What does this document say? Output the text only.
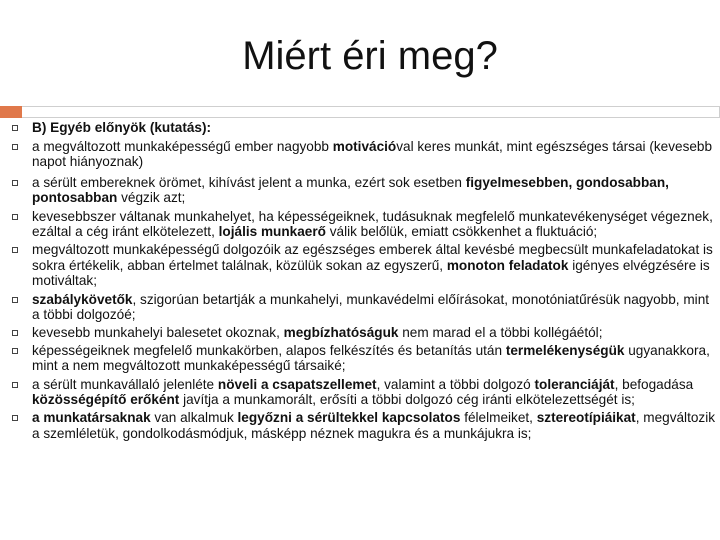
Miért éri meg?
B) Egyéb előnyök (kutatás):
a megváltozott munkaképességű ember nagyobb motivációval keres munkát, mint egészséges társai (kevesebb napot hiányoznak)
a sérült embereknek örömet, kihívást jelent a munka, ezért sok esetben figyelmesebben, gondosabban, pontosabban végzik azt;
kevesebbszer váltanak munkahelyet, ha képességeiknek, tudásuknak megfelelő munkatevékenységet végeznek, ezáltal a cég iránt elkötelezett, lojális munkaerő válik belőlük, emiatt csökkenhet a fluktuáció;
megváltozott munkaképességű dolgozóik az egészséges emberek által kevésbé megbecsült munkafeladatokat is sokra értékelik, abban értelmet találnak, közülük sokan az egyszerű, monoton feladatok igényes elvégzésére is motiváltak;
szabálykövetők, szigorúan betartják a munkahelyi, munkavédelmi előírásokat, monotóniatűrésük nagyobb, mint a többi dolgozóé;
kevesebb munkahelyi balesetet okoznak, megbízhatóságuk nem marad el a többi kollégáétól;
képességeiknek megfelelő munkakörben, alapos felkészítés és betanítás után termelékenységük ugyanakkora, mint a nem megváltozott munkaképességű társaiké;
a sérült munkavállaló jelenléte növeli a csapatszellemet, valamint a többi dolgozó toleranciáját, befogadása közösségépítő erőként javítja a munkamorált, erősíti a többi dolgozó cég iránti elkötelezettségét is;
a munkatársaknak van alkalmuk legyőzni a sérültekkel kapcsolatos félelmeiket, sztereotípiáikat, megváltozik a szemléletük, gondolkodásmódjuk, másképp néznek magukra és a munkájukra is;
